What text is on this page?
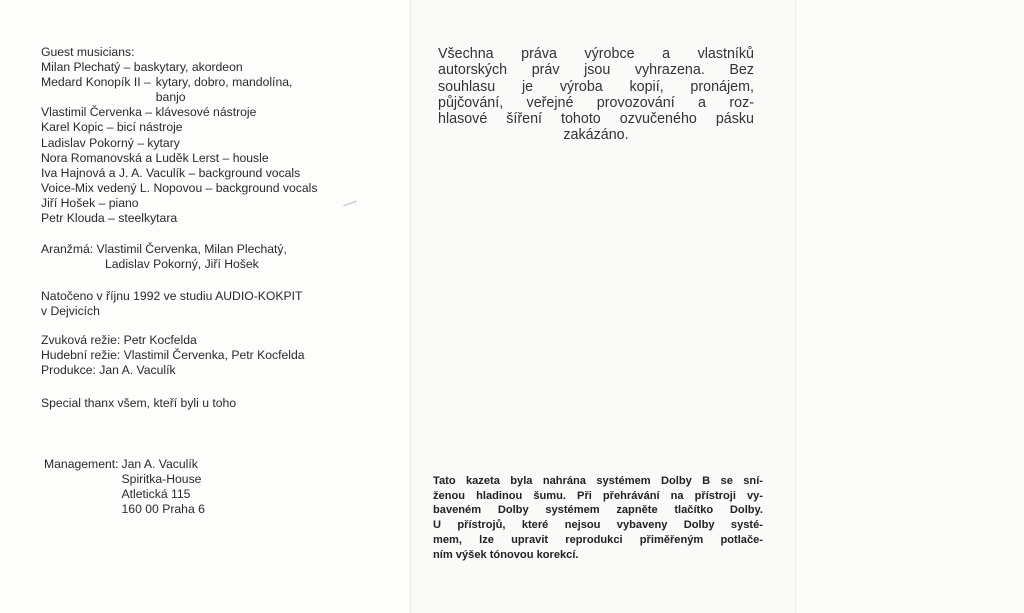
Guest musicians:
Milan Plechatý – baskytary, akordeon
Medard Konopík II – kytary, dobro, mandolína,
banjo
Vlastimil Červenka – klávesové nástroje
Karel Kopic – bicí nástroje
Ladislav Pokorný – kytary
Nora Romanovská a Luděk Lerst – housle
Iva Hajnová a J. A. Vaculík – background vocals
Voice-Mix vedený L. Nopovou – background vocals
Jiří Hošek – piano
Petr Klouda – steelkytara
Aranžmá: Vlastimil Červenka, Milan Plechatý,
Ladislav Pokorný, Jiří Hošek
Natočeno v říjnu 1992 ve studiu AUDIO-KOKPIT
v Dejvicích
Zvuková režie: Petr Kocfelda
Hudební režie: Vlastimil Červenka, Petr Kocfelda
Produkce: Jan A. Vaculík
Special thanx všem, kteří byli u toho
Management: Jan A. Vaculík
Spiritka-House
Atletická 115
160 00 Praha 6
Všechna práva výrobce a vlastníků
autorských práv jsou vyhrazena. Bez
souhlasu je výroba kopií, pronájem,
půjčování, veřejné provozování a roz-
hlasové šíření tohoto ozvučeného pásku
zakázáno.
Tato kazeta byla nahrána systémem Dolby B se sní-
ženou hladinou šumu. Při přehrávání na přístroji vy-
baveném Dolby systémem zapněte tlačítko Dolby.
U přístrojů, které nejsou vybaveny Dolby systé-
mem, lze upravit reprodukci přiměřeným potlače-
ním výšek tónovou korekcí.
